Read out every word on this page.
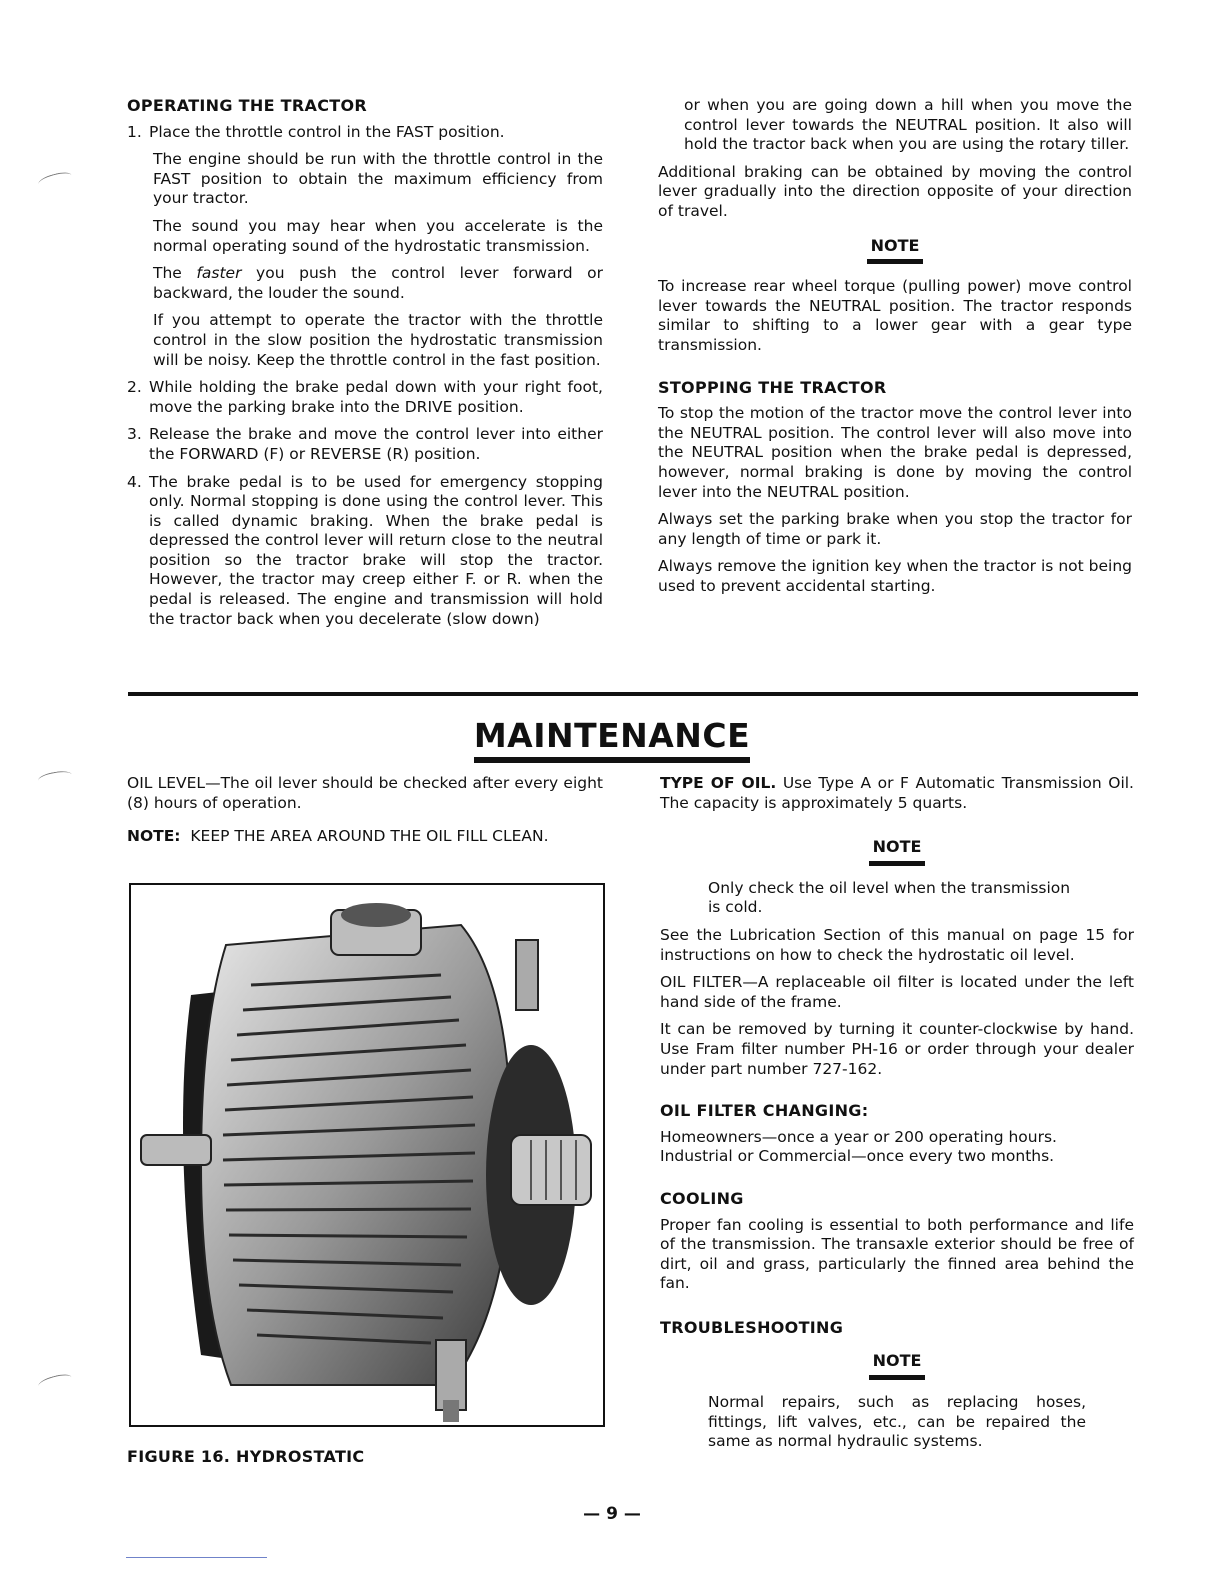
OPERATING THE TRACTOR
1. Place the throttle control in the FAST position.

The engine should be run with the throttle control in the FAST position to obtain the maximum efficiency from your tractor.

The sound you may hear when you accelerate is the normal operating sound of the hydrostatic transmission.

The faster you push the control lever forward or backward, the louder the sound.

If you attempt to operate the tractor with the throttle control in the slow position the hydrostatic transmission will be noisy. Keep the throttle control in the fast position.

2. While holding the brake pedal down with your right foot, move the parking brake into the DRIVE position.
3. Release the brake and move the control lever into either the FORWARD (F) or REVERSE (R) position.
4. The brake pedal is to be used for emergency stopping only. Normal stopping is done using the control lever. This is called dynamic braking. When the brake pedal is depressed the control lever will return close to the neutral position so the tractor brake will stop the tractor. However, the tractor may creep either F. or R. when the pedal is released. The engine and transmission will hold the tractor back when you decelerate (slow down)

or when you are going down a hill when you move the control lever towards the NEUTRAL position. It also will hold the tractor back when you are using the rotary tiller.

Additional braking can be obtained by moving the control lever gradually into the direction opposite of your direction of travel.

NOTE

To increase rear wheel torque (pulling power) move control lever towards the NEUTRAL position. The tractor responds similar to shifting to a lower gear with a gear type transmission.

STOPPING THE TRACTOR

To stop the motion of the tractor move the control lever into the NEUTRAL position. The control lever will also move into the NEUTRAL position when the brake pedal is depressed, however, normal braking is done by moving the control lever into the NEUTRAL position.

Always set the parking brake when you stop the tractor for any length of time or park it.

Always remove the ignition key when the tractor is not being used to prevent accidental starting.

MAINTENANCE

OIL LEVEL—The oil lever should be checked after every eight (8) hours of operation.

NOTE: KEEP THE AREA AROUND THE OIL FILL CLEAN.

FIGURE 16. HYDROSTATIC

TYPE OF OIL. Use Type A or F Automatic Transmission Oil. The capacity is approximately 5 quarts.

NOTE

Only check the oil level when the transmission is cold.

See the Lubrication Section of this manual on page 15 for instructions on how to check the hydrostatic oil level.

OIL FILTER—A replaceable oil filter is located under the left hand side of the frame.

It can be removed by turning it counter-clockwise by hand. Use Fram filter number PH-16 or order through your dealer under part number 727-162.

OIL FILTER CHANGING:

Homeowners—once a year or 200 operating hours.

Industrial or Commercial—once every two months.

COOLING

Proper fan cooling is essential to both performance and life of the transmission. The transaxle exterior should be free of dirt, oil and grass, particularly the finned area behind the fan.

TROUBLESHOOTING
NOTE

Normal repairs, such as replacing hoses, fittings, lift valves, etc., can be repaired the same as normal hydraulic systems.

— 9 —
